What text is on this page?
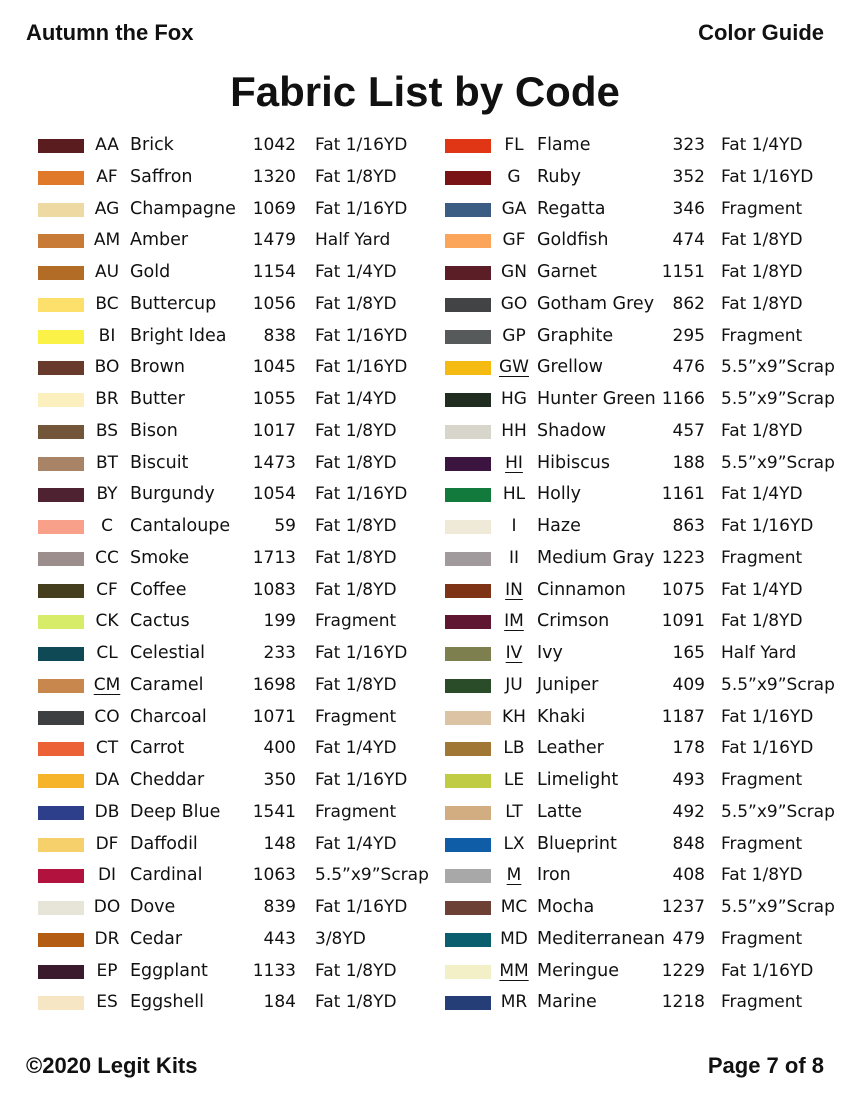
Autumn the Fox	Color Guide
Fabric List by Code
AA Brick	1042 Fat 1/16YD
AF Saffron	1320 Fat 1/8YD
AG Champagne 1069 Fat 1/16YD
AM Amber	1479 Half Yard
AU Gold	1154 Fat 1/4YD
BC Buttercup	1056 Fat 1/8YD
BI Bright Idea	838 Fat 1/16YD
BO Brown	1045 Fat 1/16YD
BR Butter	1055 Fat 1/4YD
BS Bison	1017 Fat 1/8YD
BT Biscuit	1473 Fat 1/8YD
BY Burgundy	1054 Fat 1/16YD
C Cantaloupe	59 Fat 1/8YD
CC Smoke	1713 Fat 1/8YD
CF Coffee	1083 Fat 1/8YD
CK Cactus	199 Fragment
CL Celestial	233 Fat 1/16YD
CM Caramel	1698 Fat 1/8YD
CO Charcoal	1071 Fragment
CT Carrot	400 Fat 1/4YD
DA Cheddar	350 Fat 1/16YD
DB Deep Blue	1541 Fragment
DF Daffodil	148 Fat 1/4YD
DI Cardinal	1063 5.5”x9”Scrap
DO Dove	839 Fat 1/16YD
DR Cedar	443 3/8YD
EP Eggplant	1133 Fat 1/8YD
ES Eggshell	184 Fat 1/8YD
FL Flame	323 Fat 1/4YD
G Ruby	352 Fat 1/16YD
GA Regatta	346 Fragment
GF Goldfish	474 Fat 1/8YD
GN Garnet	1151 Fat 1/8YD
GO Gotham Grey	862 Fat 1/8YD
GP Graphite	295 Fragment
GW Grellow	476 5.5”x9”Scrap
HG Hunter Green 1166 5.5”x9”Scrap
HH Shadow	457 Fat 1/8YD
HI Hibiscus	188 5.5”x9”Scrap
HL Holly	1161 Fat 1/4YD
I	Haze	863 Fat 1/16YD
II	Medium Gray 1223 Fragment
IN Cinnamon	1075 Fat 1/4YD
IM Crimson	1091 Fat 1/8YD
IV Ivy	165 Half Yard
JU Juniper	409 5.5”x9”Scrap
KH Khaki	1187 Fat 1/16YD
LB Leather	178 Fat 1/16YD
LE Limelight	493 Fragment
LT Latte	492 5.5”x9”Scrap
LX Blueprint	848 Fragment
M Iron	408 Fat 1/8YD
MC Mocha	1237 5.5”x9”Scrap
MD Mediterranean 479 Fragment
MM Meringue	1229 Fat 1/16YD
MR Marine	1218 Fragment
©2020 Legit Kits	Page 7 of 8
